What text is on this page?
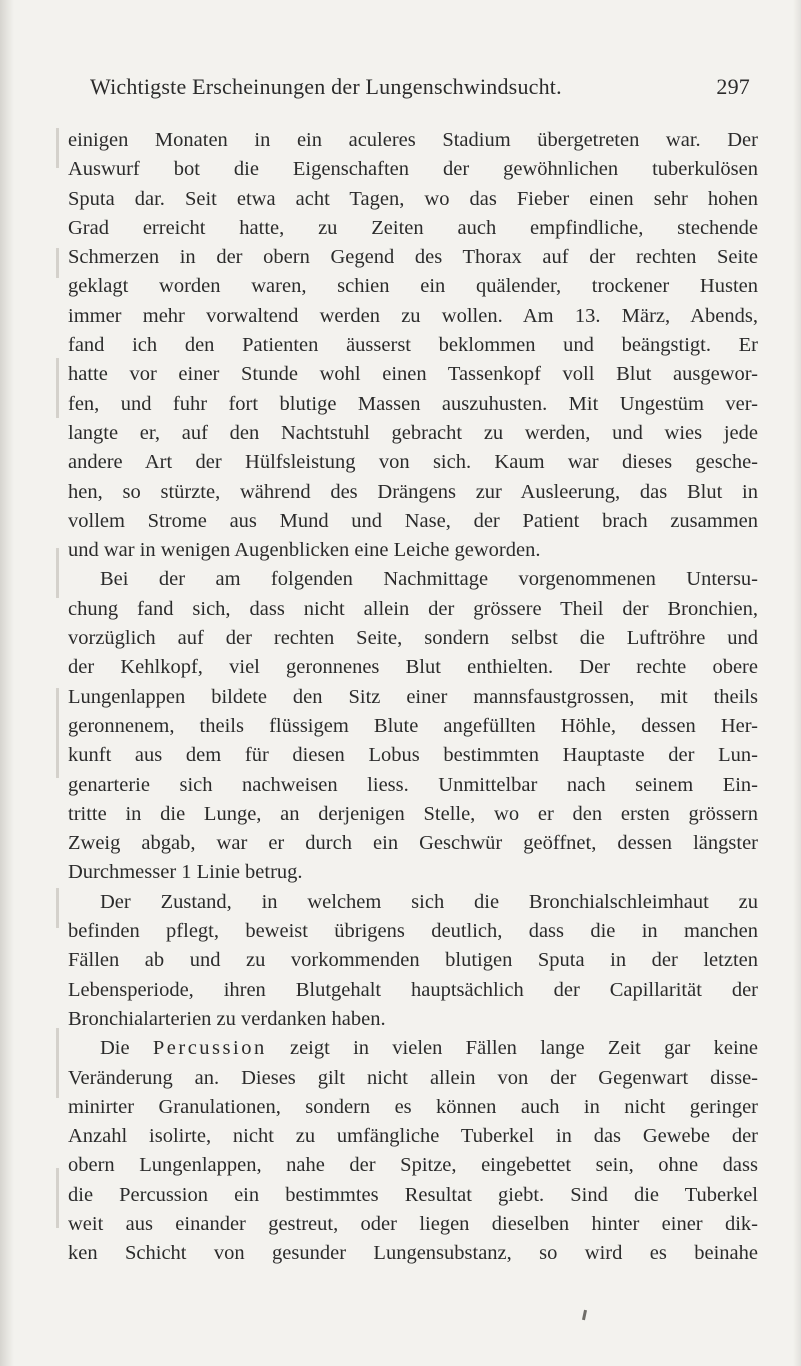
Wichtigste Erscheinungen der Lungenschwindsucht.	297
einigen Monaten in ein aculeres Stadium übergetreten war. Der
Auswurf bot die Eigenschaften der gewöhnlichen tuberkulösen
Sputa dar. Seit etwa acht Tagen, wo das Fieber einen sehr hohen
Grad erreicht hatte, zu Zeiten auch empfindliche, stechende
Schmerzen in der obern Gegend des Thorax auf der rechten Seite
geklagt worden waren, schien ein quälender, trockener Husten
immer mehr vorwaltend werden zu wollen. Am 13. März, Abends,
fand ich den Patienten äusserst beklommen und beängstigt. Er
hatte vor einer Stunde wohl einen Tassenkopf voll Blut ausgewor-
fen, und fuhr fort blutige Massen auszuhusten. Mit Ungestüm ver-
langte er, auf den Nachtstuhl gebracht zu werden, und wies jede
andere Art der Hülfsleistung von sich. Kaum war dieses gesche-
hen, so stürzte, während des Drängens zur Ausleerung, das Blut in
vollem Strome aus Mund und Nase, der Patient brach zusammen
und war in wenigen Augenblicken eine Leiche geworden.
Bei der am folgenden Nachmittage vorgenommenen Untersu-
chung fand sich, dass nicht allein der grössere Theil der Bronchien,
vorzüglich auf der rechten Seite, sondern selbst die Luftröhre und
der Kehlkopf, viel geronnenes Blut enthielten. Der rechte obere
Lungenlappen bildete den Sitz einer mannsfaustgrossen, mit theils
geronnenem, theils flüssigem Blute angefüllten Höhle, dessen Her-
kunft aus dem für diesen Lobus bestimmten Hauptaste der Lun-
genarterie sich nachweisen liess. Unmittelbar nach seinem Ein-
tritte in die Lunge, an derjenigen Stelle, wo er den ersten grössern
Zweig abgab, war er durch ein Geschwür geöffnet, dessen längster
Durchmesser 1 Linie betrug.
Der Zustand, in welchem sich die Bronchialschleimhaut zu
befinden pflegt, beweist übrigens deutlich, dass die in manchen
Fällen ab und zu vorkommenden blutigen Sputa in der letzten
Lebensperiode, ihren Blutgehalt hauptsächlich der Capillarität der
Bronchialarterien zu verdanken haben.
Die Percussion zeigt in vielen Fällen lange Zeit gar keine
Veränderung an. Dieses gilt nicht allein von der Gegenwart disse-
minirter Granulationen, sondern es können auch in nicht geringer
Anzahl isolirte, nicht zu umfängliche Tuberkel in das Gewebe der
obern Lungenlappen, nahe der Spitze, eingebettet sein, ohne dass
die Percussion ein bestimmtes Resultat giebt. Sind die Tuberkel
weit aus einander gestreut, oder liegen dieselben hinter einer dik-
ken Schicht von gesunder Lungensubstanz, so wird es beinahe
